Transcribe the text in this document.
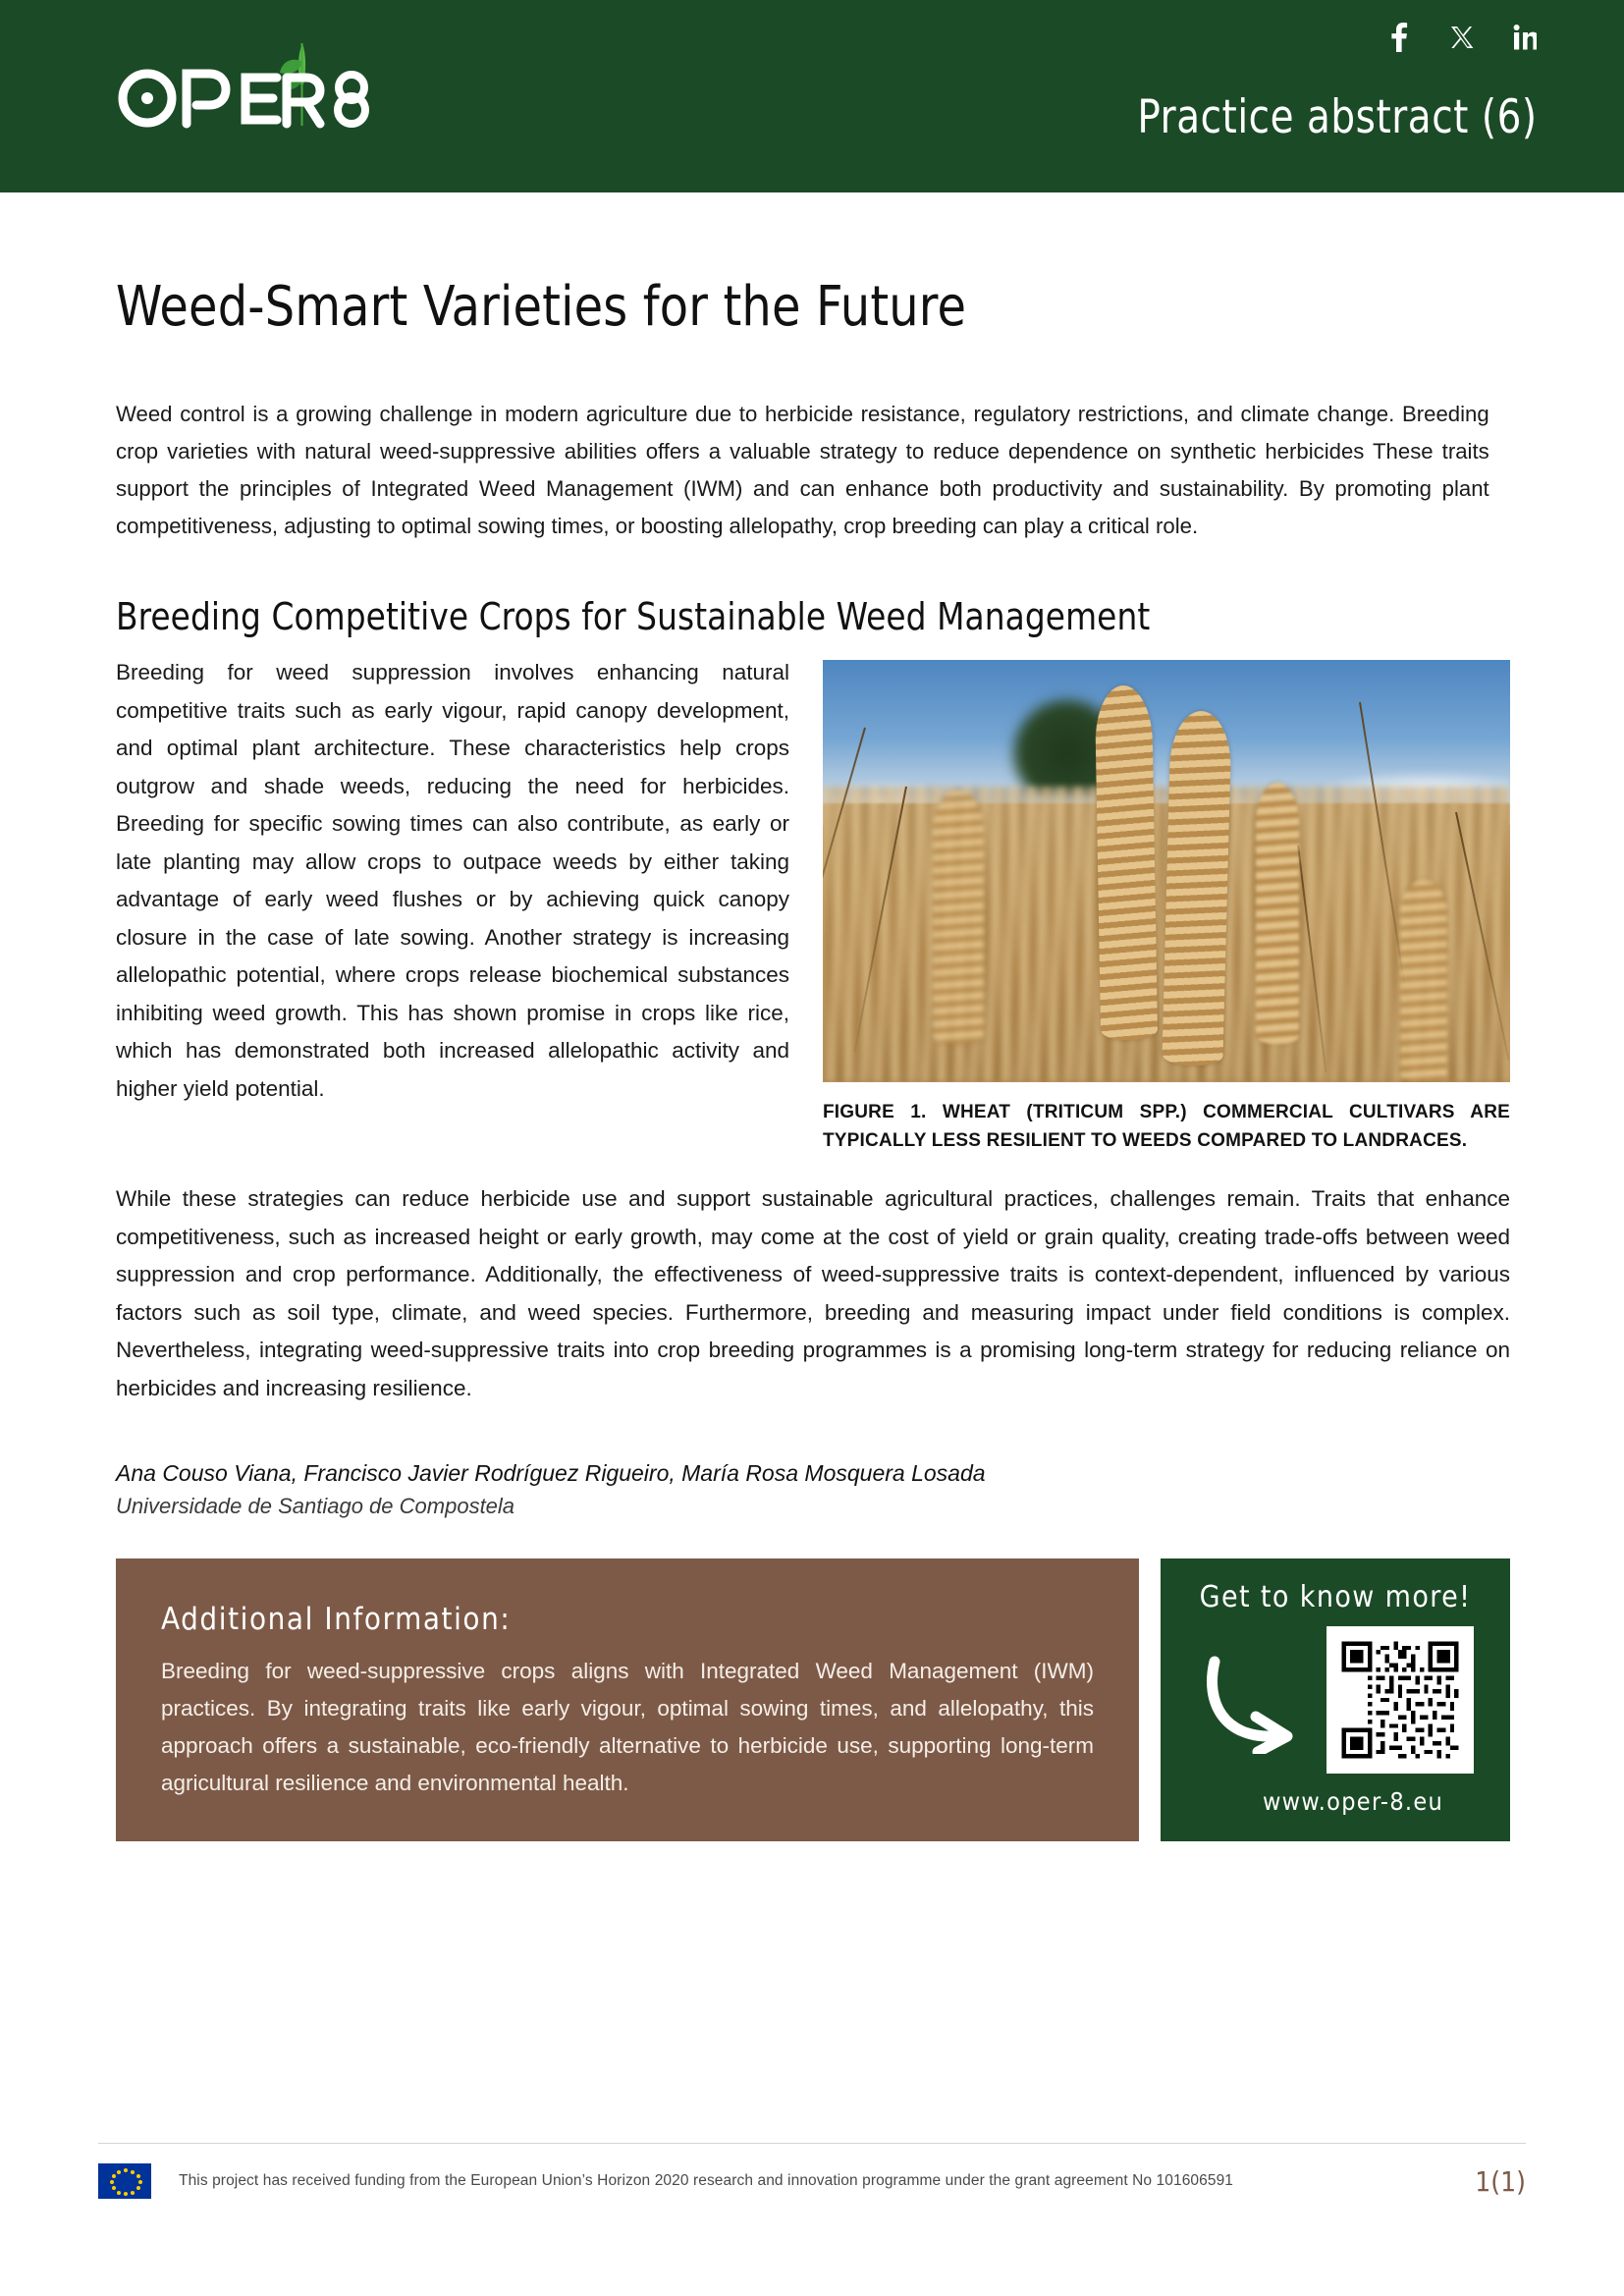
Practice abstract (6)
Weed-Smart Varieties for the Future

Weed control is a growing challenge in modern agriculture due to herbicide resistance, regulatory restrictions, and climate change. Breeding crop varieties with natural weed-suppressive abilities offers a valuable strategy to reduce dependence on synthetic herbicides These traits support the principles of Integrated Weed Management (IWM) and can enhance both productivity and sustainability. By promoting plant competitiveness, adjusting to optimal sowing times, or boosting allelopathy, crop breeding can play a critical role.

Breeding Competitive Crops for Sustainable Weed Management
FIGURE 1. WHEAT (TRITICUM SPP.) COMMERCIAL CULTIVARS ARE TYPICALLY LESS RESILIENT TO WEEDS COMPARED TO LANDRACES.

Breeding for weed suppression involves enhancing natural competitive traits such as early vigour, rapid canopy development, and optimal plant architecture. These characteristics help crops outgrow and shade weeds, reducing the need for herbicides. Breeding for specific sowing times can also contribute, as early or late planting may allow crops to outpace weeds by either taking advantage of early weed flushes or by achieving quick canopy closure in the case of late sowing. Another strategy is increasing allelopathic potential, where crops release biochemical substances inhibiting weed growth. This has shown promise in crops like rice, which has demonstrated both increased allelopathic activity and higher yield potential.

While these strategies can reduce herbicide use and support sustainable agricultural practices, challenges remain. Traits that enhance competitiveness, such as increased height or early growth, may come at the cost of yield or grain quality, creating trade-offs between weed suppression and crop performance. Additionally, the effectiveness of weed-suppressive traits is context-dependent, influenced by various factors such as soil type, climate, and weed species. Furthermore, breeding and measuring impact under field conditions is complex. Nevertheless, integrating weed-suppressive traits into crop breeding programmes is a promising long-term strategy for reducing reliance on herbicides and increasing resilience.

Ana Couso Viana, Francisco Javier Rodríguez Rigueiro, María Rosa Mosquera Losada
Universidade de Santiago de Compostela
Additional Information:
Breeding for weed-suppressive crops aligns with Integrated Weed Management (IWM) practices. By integrating traits like early vigour, optimal sowing times, and allelopathy, this approach offers a sustainable, eco-friendly alternative to herbicide use, supporting long-term agricultural resilience and environmental health.
Get to know more!
www.oper-8.eu
This project has received funding from the European Union’s Horizon 2020 research and innovation programme under the grant agreement No 101606591	1(1)
